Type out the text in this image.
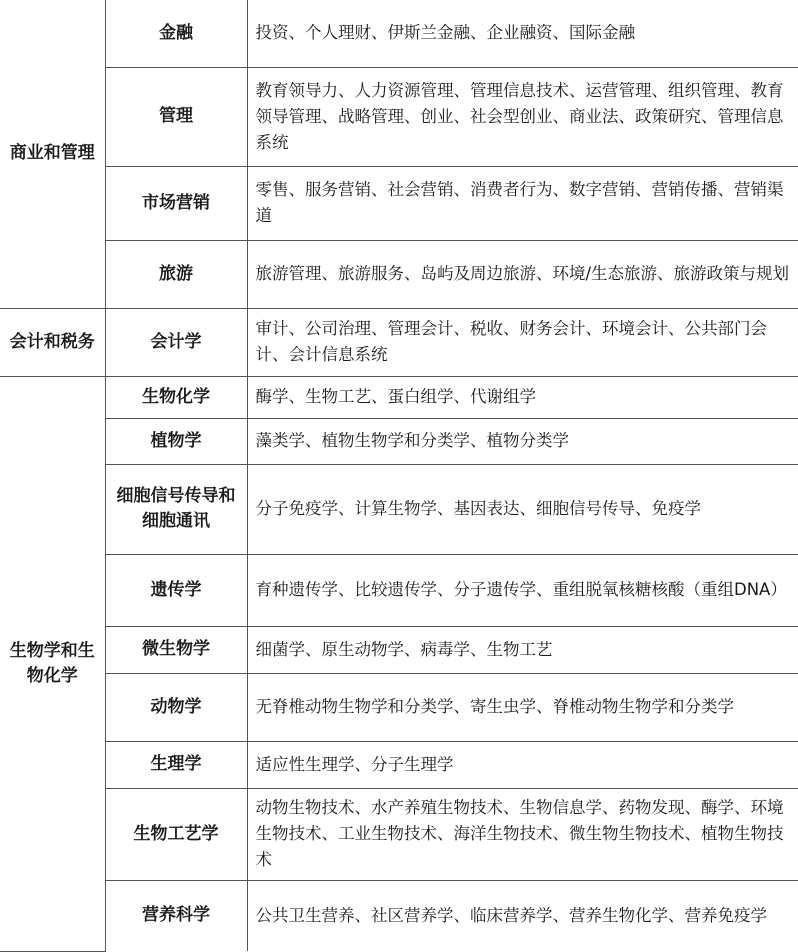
商业和管理	金融	投资、个人理财、伊斯兰金融、企业融资、国际金融
	管理	教育领导力、人力资源管理、管理信息技术、运营管理、组织管理、教育领导管理、战略管理、创业、社会型创业、商业法、政策研究、管理信息系统
	市场营销	零售、服务营销、社会营销、消费者行为、数字营销、营销传播、营销渠道
	旅游	旅游管理、旅游服务、岛屿及周边旅游、环境/生态旅游、旅游政策与规划
会计和税务	会计学	审计、公司治理、管理会计、税收、财务会计、环境会计、公共部门会计、会计信息系统
生物学和生物化学	生物化学	酶学、生物工艺、蛋白组学、代谢组学
	植物学	藻类学、植物生物学和分类学、植物分类学
	细胞信号传导和细胞通讯	分子免疫学、计算生物学、基因表达、细胞信号传导、免疫学
	遗传学	育种遗传学、比较遗传学、分子遗传学、重组脱氧核糖核酸（重组DNA）
	微生物学	细菌学、原生动物学、病毒学、生物工艺
	动物学	无脊椎动物生物学和分类学、寄生虫学、脊椎动物生物学和分类学
	生理学	适应性生理学、分子生理学
	生物工艺学	动物生物技术、水产养殖生物技术、生物信息学、药物发现、酶学、环境生物技术、工业生物技术、海洋生物技术、微生物生物技术、植物生物技术
	营养科学	公共卫生营养、社区营养学、临床营养学、营养生物化学、营养免疫学
